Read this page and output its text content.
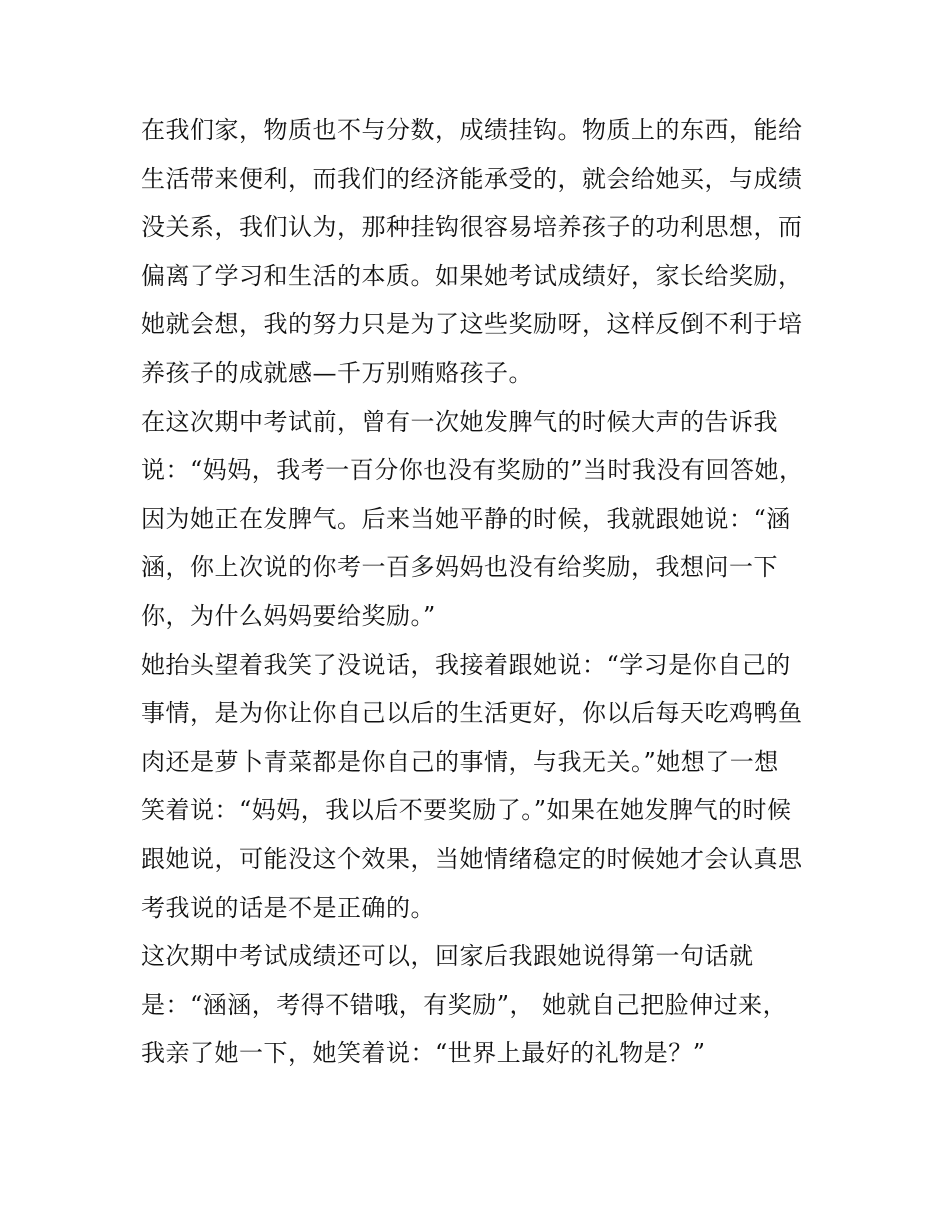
在我们家，物质也不与分数，成绩挂钩。物质上的东西，能给
生活带来便利，而我们的经济能承受的，就会给她买，与成绩
没关系，我们认为，那种挂钩很容易培养孩子的功利思想，而
偏离了学习和生活的本质。如果她考试成绩好，家长给奖励，
她就会想，我的努力只是为了这些奖励呀，这样反倒不利于培
养孩子的成就感—千万别贿赂孩子。
在这次期中考试前，曾有一次她发脾气的时候大声的告诉我
说：“妈妈，我考一百分你也没有奖励的”当时我没有回答她，
因为她正在发脾气。后来当她平静的时候，我就跟她说：“涵
涵，你上次说的你考一百多妈妈也没有给奖励，我想问一下
你，为什么妈妈要给奖励。”
她抬头望着我笑了没说话，我接着跟她说：“学习是你自己的
事情，是为你让你自己以后的生活更好，你以后每天吃鸡鸭鱼
肉还是萝卜青菜都是你自己的事情，与我无关。”她想了一想
笑着说：“妈妈，我以后不要奖励了。”如果在她发脾气的时候
跟她说，可能没这个效果，当她情绪稳定的时候她才会认真思
考我说的话是不是正确的。
这次期中考试成绩还可以，回家后我跟她说得第一句话就
是：“涵涵，考得不错哦，有奖励”， 她就自己把脸伸过来，
我亲了她一下，她笑着说：“世界上最好的礼物是？”
